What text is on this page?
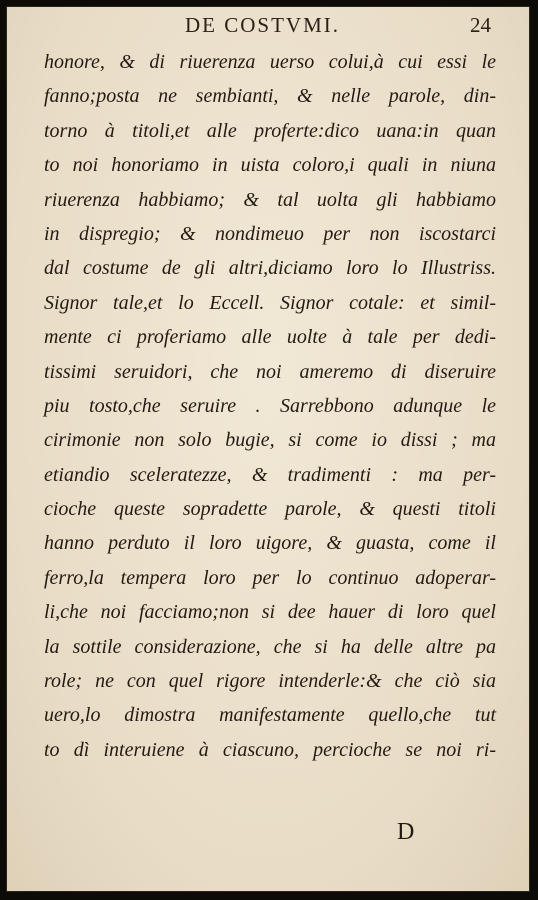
DE COSTVMI.	24
honore, & di riuerenza uerso colui,à cui essi le
fanno;posta ne sembianti, & nelle parole, din-
torno à titoli,et alle proferte:dico uana:in quan
to noi honoriamo in uista coloro,i quali in niuna
riuerenza habbiamo; & tal uolta gli habbiamo
in dispregio; & nondimeuo per non iscostarci
dal costume de gli altri,diciamo loro lo Illustriss.
Signor tale,et lo Eccell. Signor cotale: et simil-
mente ci proferiamo alle uolte à tale per dedi-
tissimi seruidori, che noi ameremo di diseruire
piu tosto,che seruire . Sarrebbono adunque le
cirimonie non solo bugie, si come io dissi ; ma
etiandio sceleratezze, & tradimenti : ma per-
cioche queste sopradette parole, & questi titoli
hanno perduto il loro uigore, & guasta, come il
ferro,la tempera loro per lo continuo adoperar-
li,che noi facciamo;non si dee hauer di loro quel
la sottile considerazione, che si ha delle altre pa
role; ne con quel rigore intenderle:& che ciò sia
uero,lo dimostra manifestamente quello,che tut
to dì interuiene à ciascuno, percioche se noi ri-
D
